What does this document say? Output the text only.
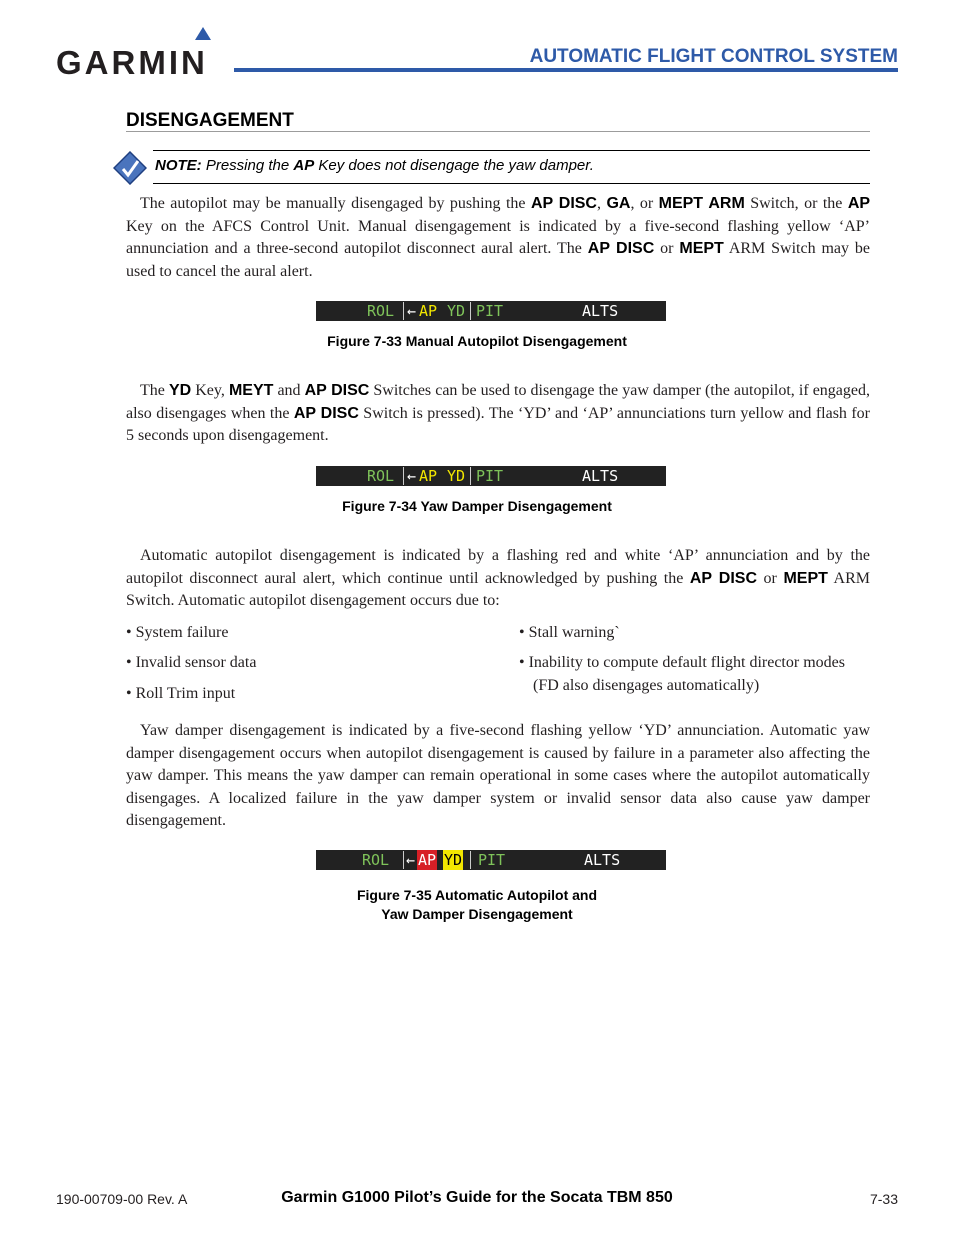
GARMIN	AUTOMATIC FLIGHT CONTROL SYSTEM
DISENGAGEMENT
NOTE: Pressing the AP Key does not disengage the yaw damper.
The autopilot may be manually disengaged by pushing the AP DISC, GA, or MEPT ARM Switch, or the AP Key on the AFCS Control Unit. Manual disengagement is indicated by a five-second flashing yellow ‘AP’ annunciation and a three-second autopilot disconnect aural alert. The AP DISC or MEPT ARM Switch may be used to cancel the aural alert.
ROL ← AP YD PIT	ALTS
Figure 7-33 Manual Autopilot Disengagement
The YD Key, MEYT and AP DISC Switches can be used to disengage the yaw damper (the autopilot, if engaged, also disengages when the AP DISC Switch is pressed). The ‘YD’ and ‘AP’ annunciations turn yellow and flash for 5 seconds upon disengagement.
ROL ← AP YD PIT	ALTS
Figure 7-34 Yaw Damper Disengagement
Automatic autopilot disengagement is indicated by a flashing red and white ‘AP’ annunciation and by the autopilot disconnect aural alert, which continue until acknowledged by pushing the AP DISC or MEPT ARM Switch. Automatic autopilot disengagement occurs due to:
• System failure
• Invalid sensor data
• Roll Trim input
• Stall warning`
• Inability to compute default flight director modes
(FD also disengages automatically)
Yaw damper disengagement is indicated by a five-second flashing yellow ‘YD’ annunciation. Automatic yaw damper disengagement occurs when autopilot disengagement is caused by failure in a parameter also affecting the yaw damper. This means the yaw damper can remain operational in some cases where the autopilot automatically disengages. A localized failure in the yaw damper system or invalid sensor data also cause yaw damper disengagement.
ROL ← AP YD PIT	ALTS
Figure 7-35 Automatic Autopilot and
Yaw Damper Disengagement
190-00709-00 Rev. A	Garmin G1000 Pilot’s Guide for the Socata TBM 850	7-33
